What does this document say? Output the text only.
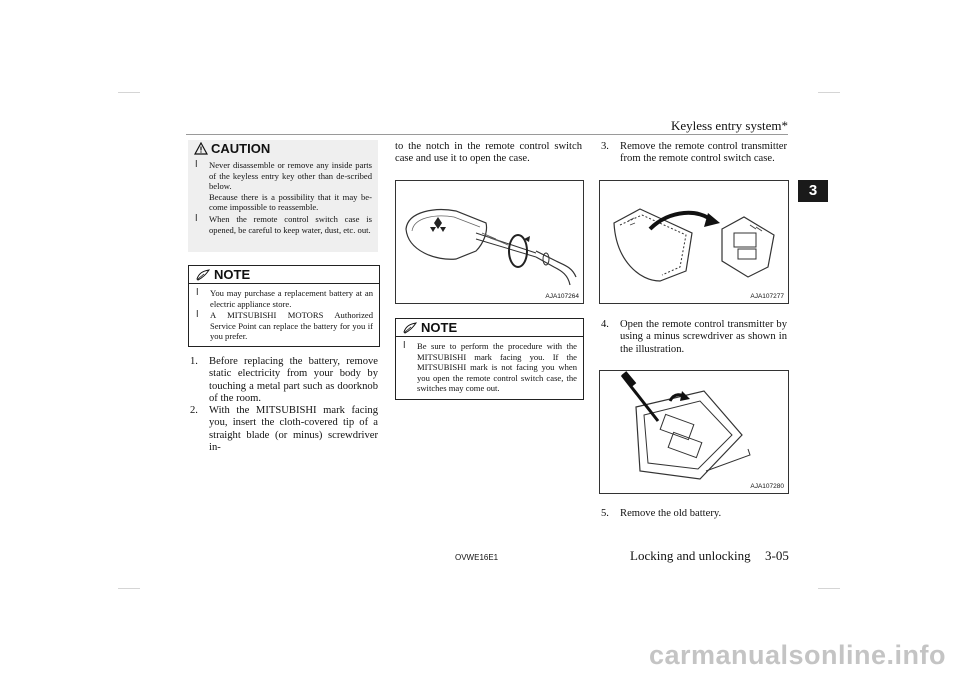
Keyless entry system*
3
CAUTION
l Never disassemble or remove any inside parts of the keyless entry key other than de-scribed below.
Because there is a possibility that it may be-come impossible to reassemble.
l When the remote control switch case is opened, be careful to keep water, dust, etc. out.
NOTE
l You may purchase a replacement battery at an electric appliance store.
l A MITSUBISHI MOTORS Authorized Service Point can replace the battery for you if you prefer.
1. Before replacing the battery, remove static electricity from your body by touching a metal part such as doorknob of the room.
2. With the MITSUBISHI mark facing you, insert the cloth-covered tip of a straight blade (or minus) screwdriver in-
to the notch in the remote control switch case and use it to open the case.
AJA107264
NOTE
l Be sure to perform the procedure with the MITSUBISHI mark facing you. If the MITSUBISHI mark is not facing you when you open the remote control switch case, the switches may come out.
3. Remove the remote control transmitter from the remote control switch case.
AJA107277
4. Open the remote control transmitter by using a minus screwdriver as shown in the illustration.
AJA107280
5. Remove the old battery.
OVWE16E1	Locking and unlocking 3-05
carmanualsonline.info
